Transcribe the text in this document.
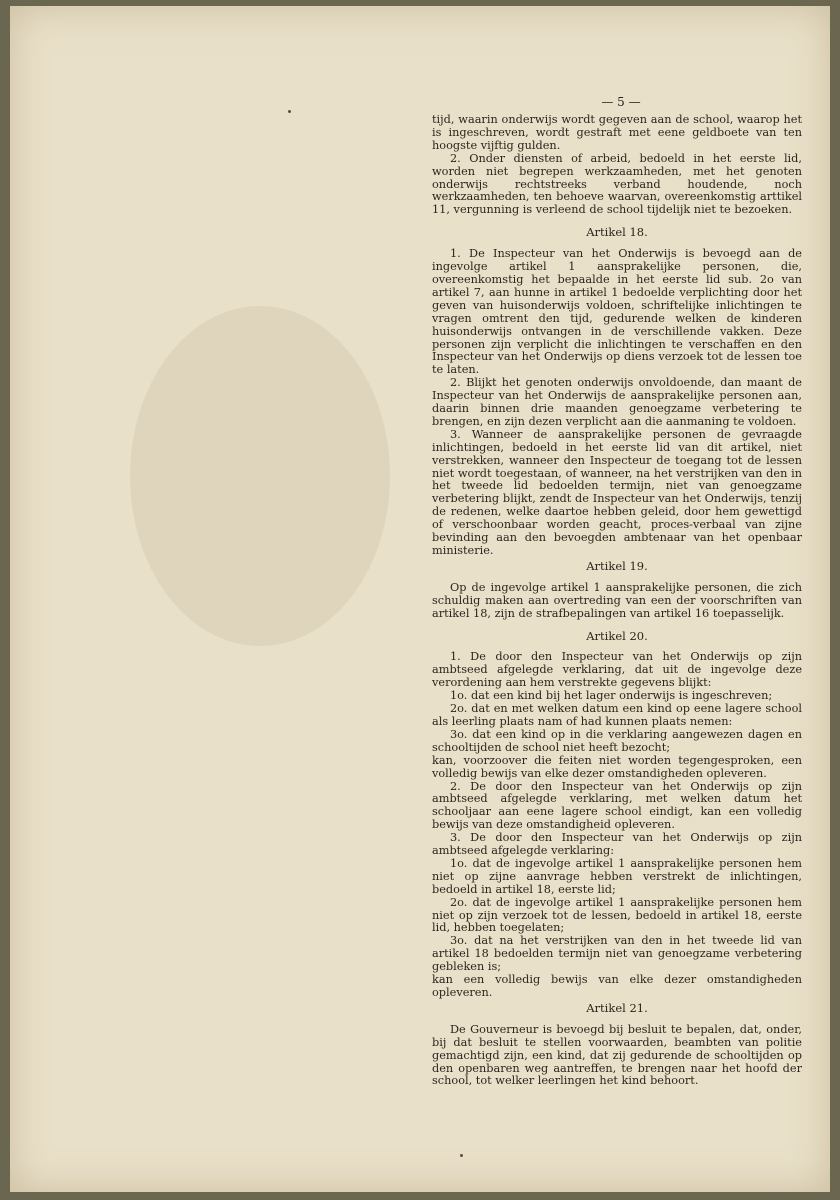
— 5 —

tijd, waarin onderwijs wordt gegeven aan de school, waarop het is ingeschreven, wordt gestraft met eene geldboete van ten hoogste vijftig gulden.

2. Onder diensten of arbeid, bedoeld in het eerste lid, worden niet begrepen werkzaamheden, met het genoten onderwijs rechtstreeks verband houdende, noch werkzaamheden, ten behoeve waarvan, overeenkomstig arttikel 11, vergunning is verleend de school tijdelijk niet te bezoeken.

Artikel 18.

1. De Inspecteur van het Onderwijs is bevoegd aan de ingevolge artikel 1 aansprakelijke personen, die, overeenkomstig het bepaalde in het eerste lid sub. 2o van artikel 7, aan hunne in artikel 1 bedoelde verplichting door het geven van huisonderwijs voldoen, schriftelijke inlichtingen te vragen omtrent den tijd, gedurende welken de kinderen huisonderwijs ontvangen in de verschillende vakken. Deze personen zijn verplicht die inlichtingen te verschaffen en den Inspecteur van het Onderwijs op diens verzoek tot de lessen toe te laten.

2. Blijkt het genoten onderwijs onvoldoende, dan maant de Inspecteur van het Onderwijs de aansprakelijke personen aan, daarin binnen drie maanden genoegzame verbetering te brengen, en zijn dezen verplicht aan die aanmaning te voldoen.

3. Wanneer de aansprakelijke personen de gevraagde inlichtingen, bedoeld in het eerste lid van dit artikel, niet verstrekken, wanneer den Inspecteur de toegang tot de lessen niet wordt toegestaan, of wanneer, na het verstrijken van den in het tweede lid bedoelden termijn, niet van genoegzame verbetering blijkt, zendt de Inspecteur van het Onderwijs, tenzij de redenen, welke daartoe hebben geleid, door hem gewettigd of verschoonbaar worden geacht, proces-verbaal van zijne bevinding aan den bevoegden ambtenaar van het openbaar ministerie.

Artikel 19.

Op de ingevolge artikel 1 aansprakelijke personen, die zich schuldig maken aan overtreding van een der voorschriften van artikel 18, zijn de strafbepalingen van artikel 16 toepasselijk.

Artikel 20.

1. De door den Inspecteur van het Onderwijs op zijn ambtseed afgelegde verklaring, dat uit de ingevolge deze verordening aan hem verstrekte gegevens blijkt:

1o. dat een kind bij het lager onderwijs is ingeschreven;

2o. dat en met welken datum een kind op eene lagere school als leerling plaats nam of had kunnen plaats nemen:

3o. dat een kind op in die verklaring aangewezen dagen en schooltijden de school niet heeft bezocht;

kan, voorzoover die feiten niet worden tegengesproken, een volledig bewijs van elke dezer omstandigheden opleveren.

2. De door den Inspecteur van het Onderwijs op zijn ambtseed afgelegde verklaring, met welken datum het schooljaar aan eene lagere school eindigt, kan een volledig bewijs van deze omstandigheid opleveren.

3. De door den Inspecteur van het Onderwijs op zijn ambtseed afgelegde verklaring:

1o. dat de ingevolge artikel 1 aansprakelijke personen hem niet op zijne aanvrage hebben verstrekt de inlichtingen, bedoeld in artikel 18, eerste lid;

2o. dat de ingevolge artikel 1 aansprakelijke personen hem niet op zijn verzoek tot de lessen, bedoeld in artikel 18, eerste lid, hebben toegelaten;

3o. dat na het verstrijken van den in het tweede lid van artikel 18 bedoelden termijn niet van genoegzame verbetering gebleken is;

kan een volledig bewijs van elke dezer omstandigheden opleveren.

Artikel 21.

De Gouverneur is bevoegd bij besluit te bepalen, dat, onder, bij dat besluit te stellen voorwaarden, beambten van politie gemachtigd zijn, een kind, dat zij gedurende de schooltijden op den openbaren weg aantreffen, te brengen naar het hoofd der school, tot welker leerlingen het kind behoort.
